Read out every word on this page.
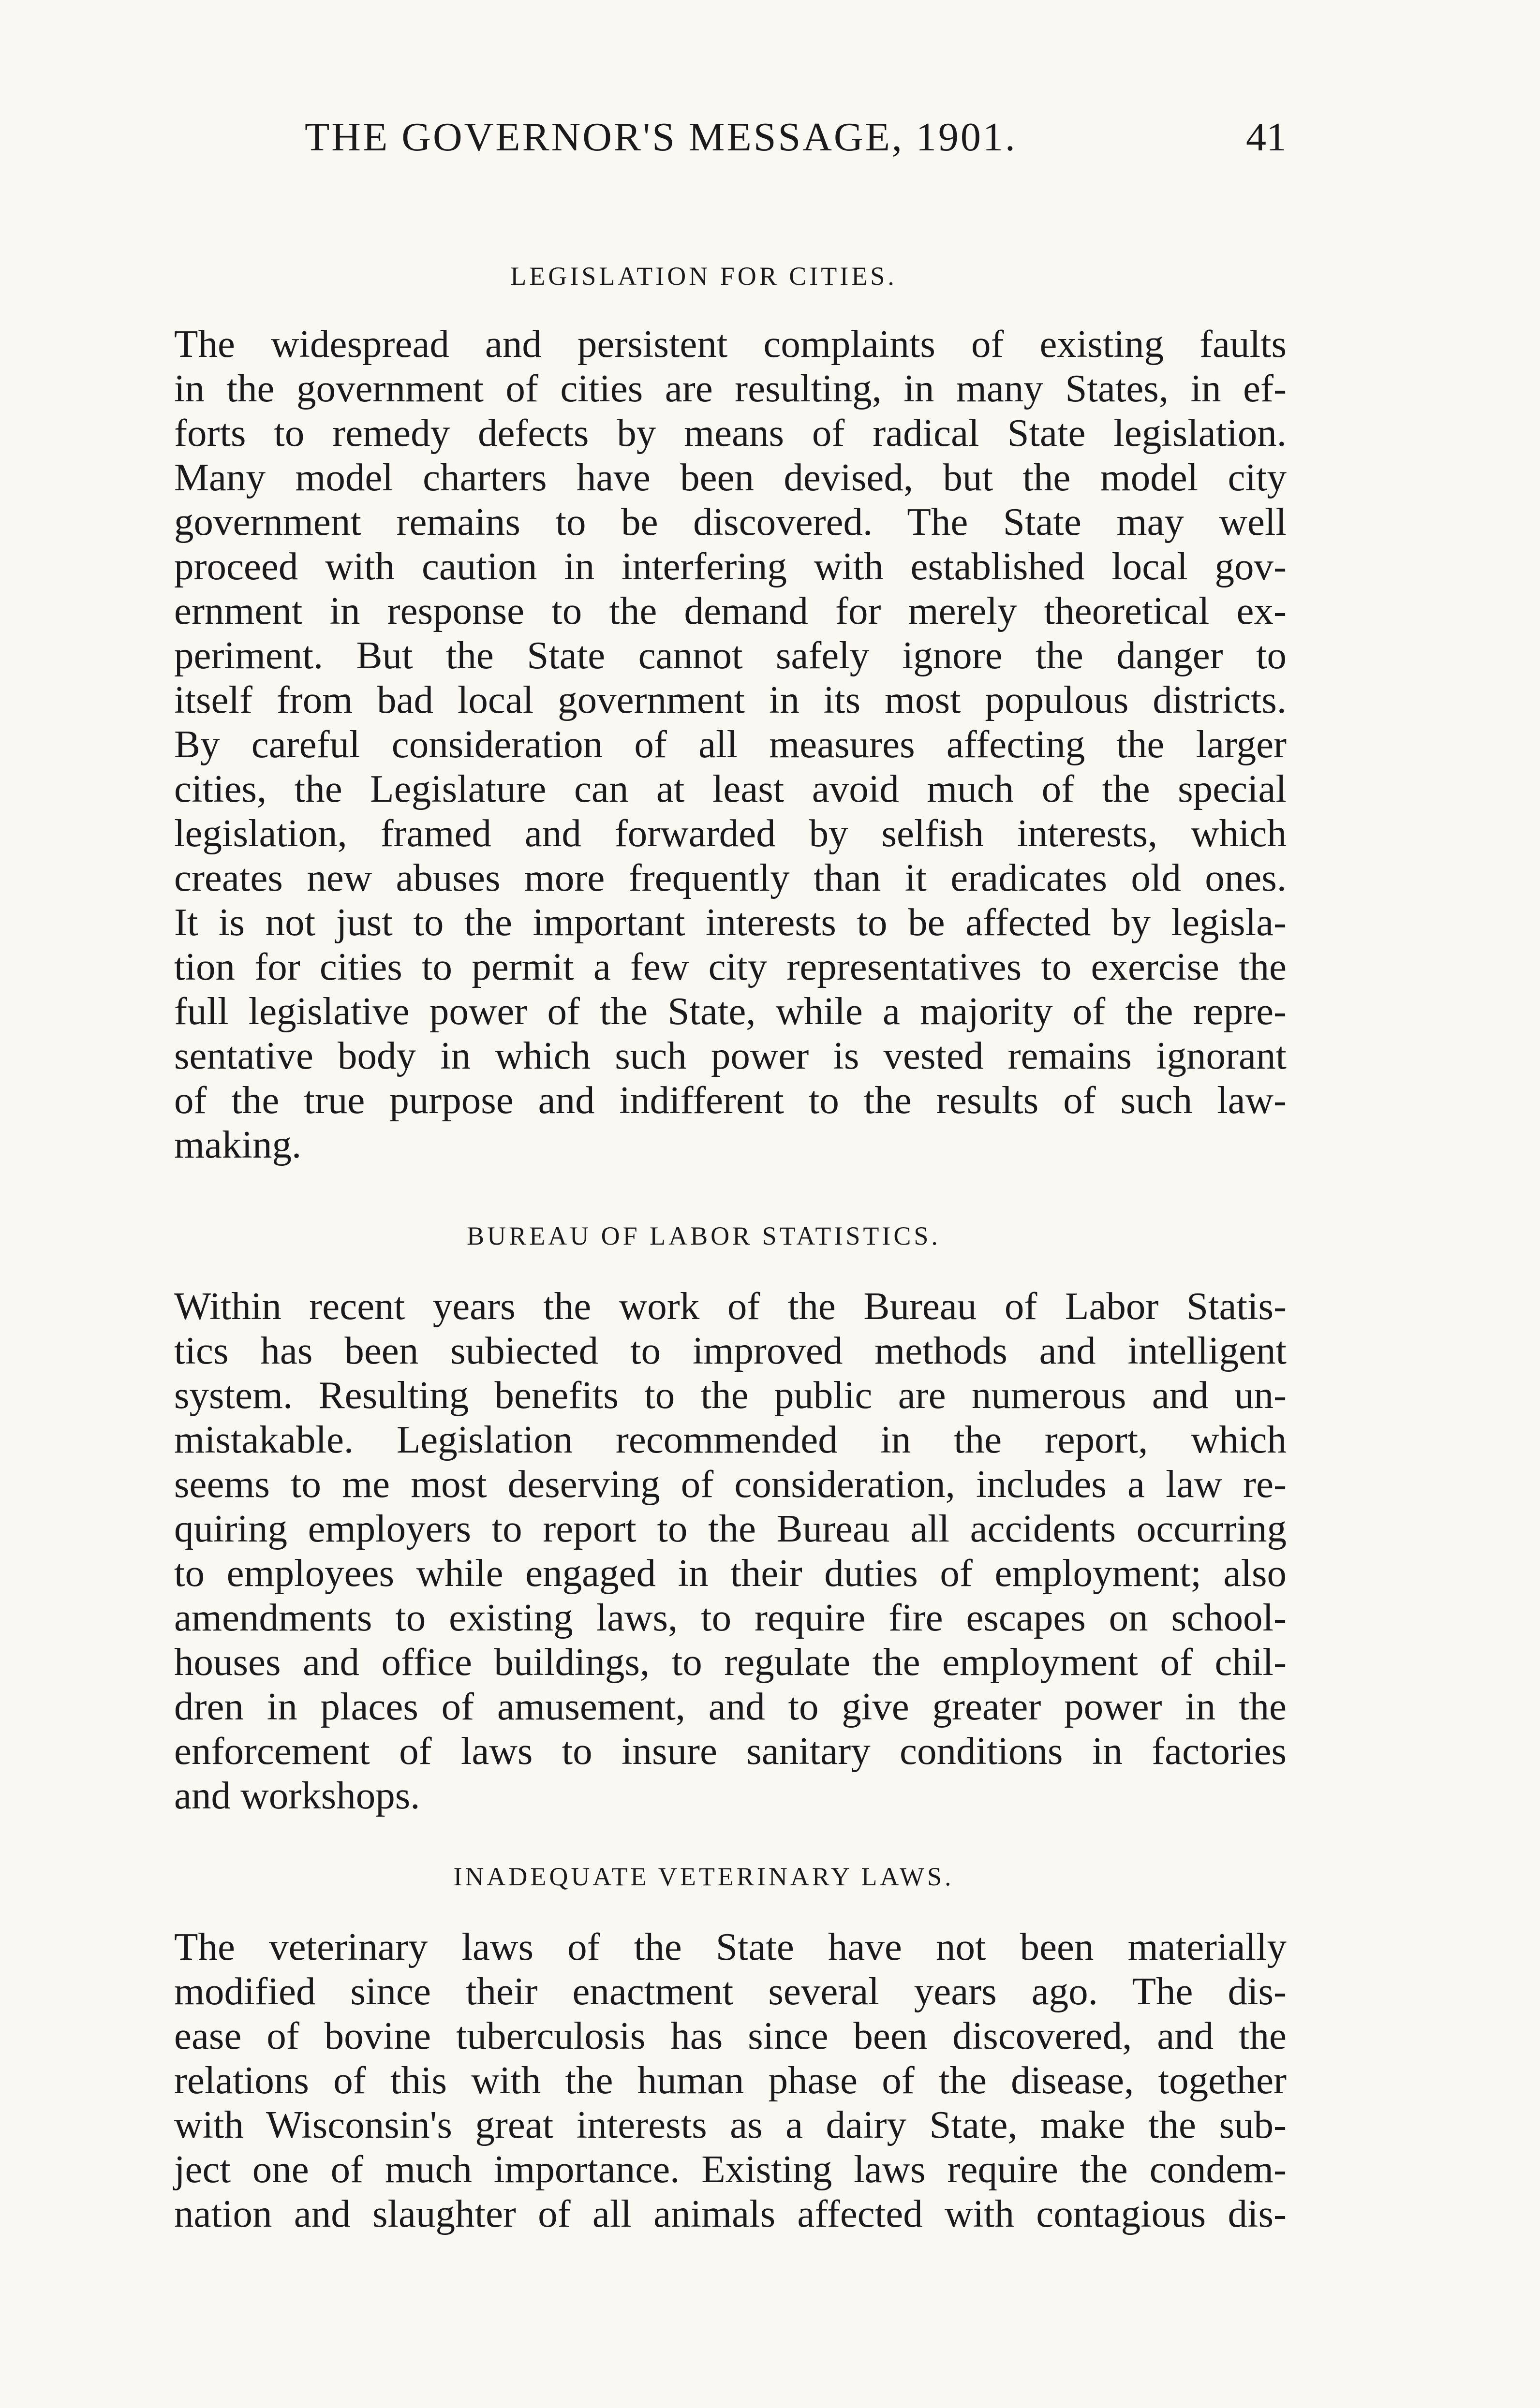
THE GOVERNOR'S MESSAGE, 1901.	41
LEGISLATION FOR CITIES.
The widespread and persistent complaints of existing faults
in the government of cities are resulting, in many States, in ef-
forts to remedy defects by means of radical State legislation.
Many model charters have been devised, but the model city
government remains to be discovered. The State may well
proceed with caution in interfering with established local gov-
ernment in response to the demand for merely theoretical ex-
periment. But the State cannot safely ignore the danger to
itself from bad local government in its most populous districts.
By careful consideration of all measures affecting the larger
cities, the Legislature can at least avoid much of the special
legislation, framed and forwarded by selfish interests, which
creates new abuses more frequently than it eradicates old ones.
It is not just to the important interests to be affected by legisla-
tion for cities to permit a few city representatives to exercise the
full legislative power of the State, while a majority of the repre-
sentative body in which such power is vested remains ignorant
of the true purpose and indifferent to the results of such law-
making.
BUREAU OF LABOR STATISTICS.
Within recent years the work of the Bureau of Labor Statis-
tics has been subiected to improved methods and intelligent
system. Resulting benefits to the public are numerous and un-
mistakable. Legislation recommended in the report, which
seems to me most deserving of consideration, includes a law re-
quiring employers to report to the Bureau all accidents occurring
to employees while engaged in their duties of employment; also
amendments to existing laws, to require fire escapes on school-
houses and office buildings, to regulate the employment of chil-
dren in places of amusement, and to give greater power in the
enforcement of laws to insure sanitary conditions in factories
and workshops.
INADEQUATE VETERINARY LAWS.
The veterinary laws of the State have not been materially
modified since their enactment several years ago. The dis-
ease of bovine tuberculosis has since been discovered, and the
relations of this with the human phase of the disease, together
with Wisconsin's great interests as a dairy State, make the sub-
ject one of much importance. Existing laws require the condem-
nation and slaughter of all animals affected with contagious dis-
